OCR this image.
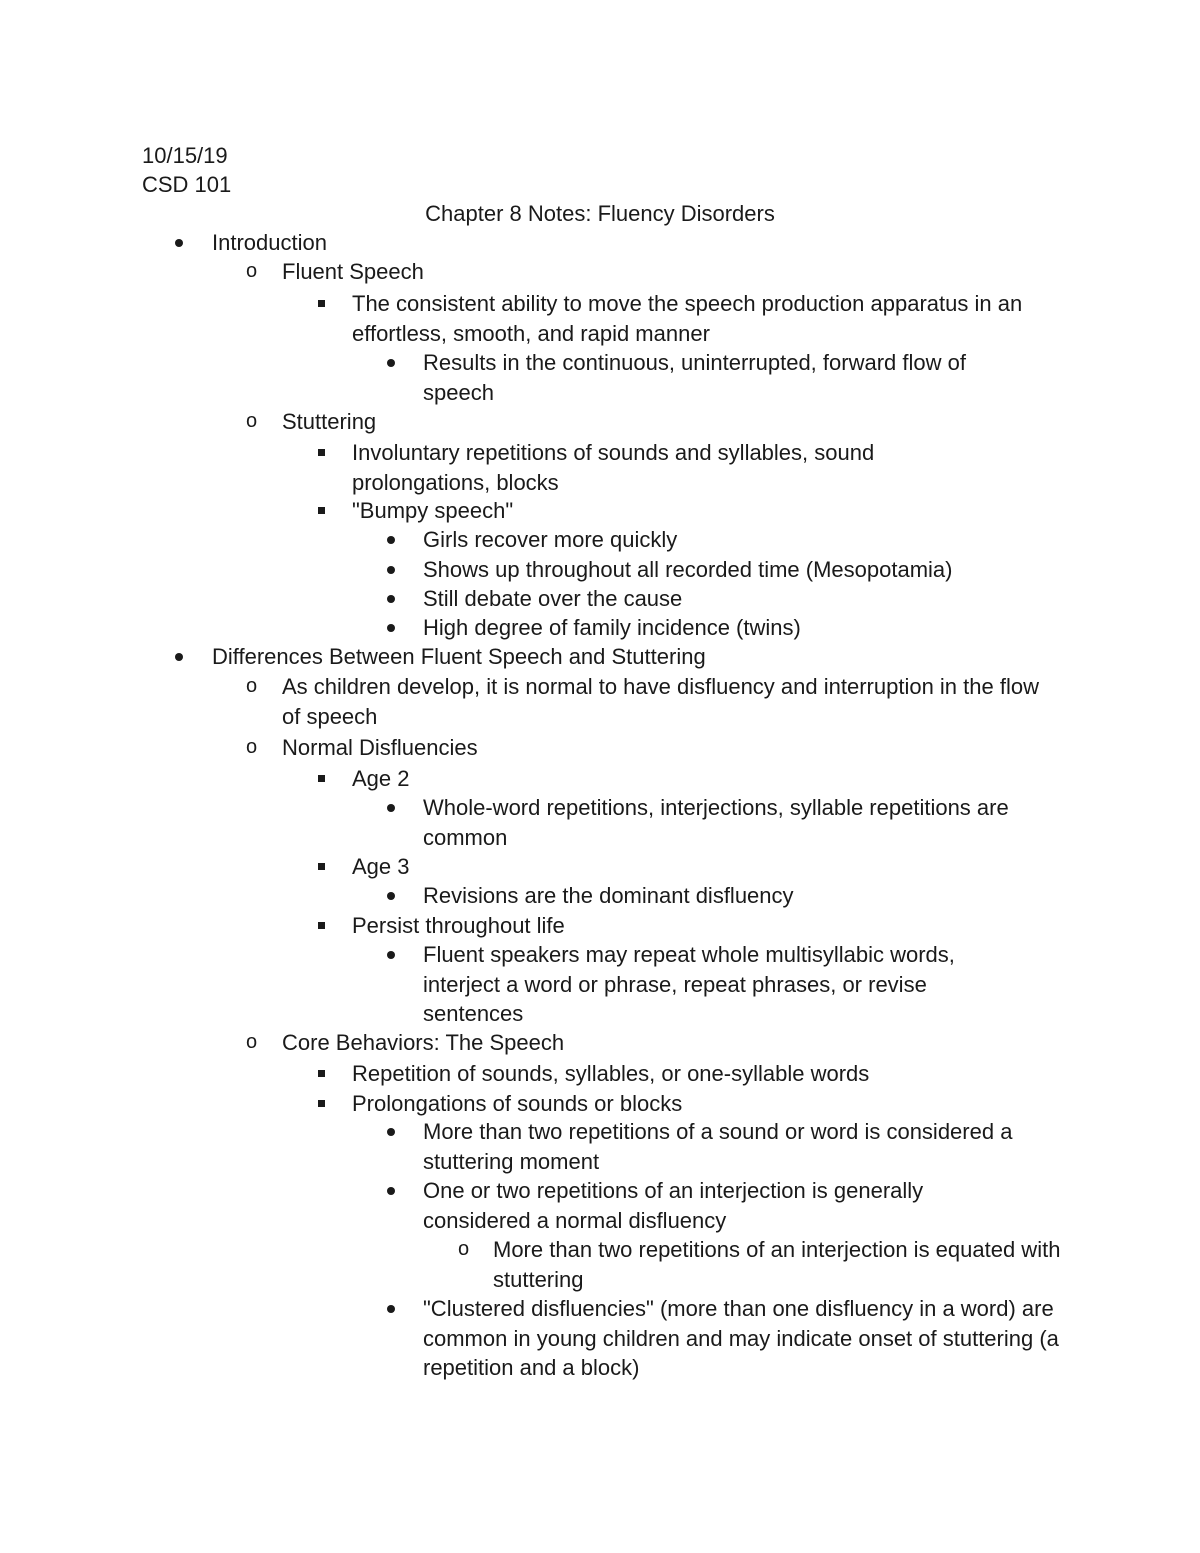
10/15/19
CSD 101
Chapter 8 Notes: Fluency Disorders
Introduction
o Fluent Speech
The consistent ability to move the speech production apparatus in an effortless, smooth, and rapid manner
Results in the continuous, uninterrupted, forward flow of speech
o Stuttering
Involuntary repetitions of sounds and syllables, sound prolongations, blocks
"Bumpy speech"
Girls recover more quickly
Shows up throughout all recorded time (Mesopotamia)
Still debate over the cause
High degree of family incidence (twins)
Differences Between Fluent Speech and Stuttering
o As children develop, it is normal to have disfluency and interruption in the flow of speech
o Normal Disfluencies
Age 2
Whole-word repetitions, interjections, syllable repetitions are common
Age 3
Revisions are the dominant disfluency
Persist throughout life
Fluent speakers may repeat whole multisyllabic words, interject a word or phrase, repeat phrases, or revise sentences
o Core Behaviors: The Speech
Repetition of sounds, syllables, or one-syllable words
Prolongations of sounds or blocks
More than two repetitions of a sound or word is considered a stuttering moment
One or two repetitions of an interjection is generally considered a normal disfluency
o More than two repetitions of an interjection is equated with stuttering
"Clustered disfluencies" (more than one disfluency in a word) are common in young children and may indicate onset of stuttering (a repetition and a block)
